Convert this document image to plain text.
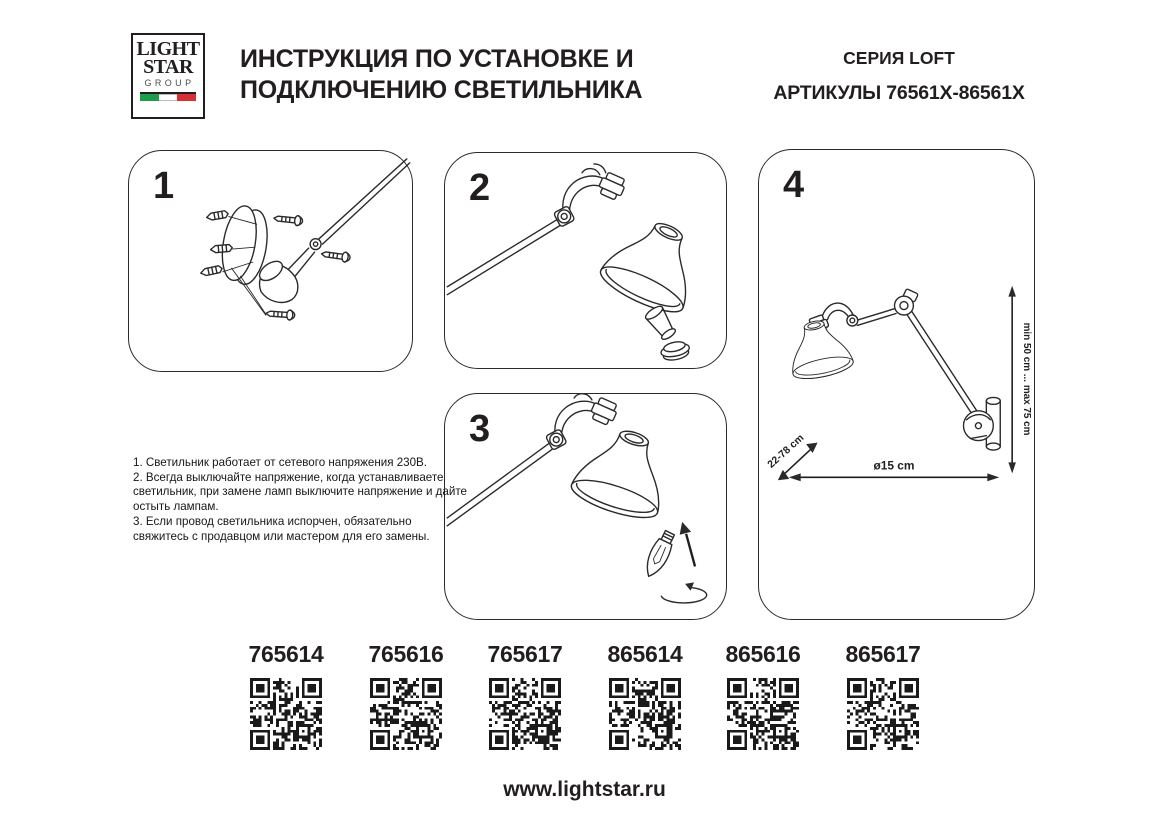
LIGHT
STAR
GROUP
ИНСТРУКЦИЯ ПО УСТАНОВКЕ И
ПОДКЛЮЧЕНИЮ СВЕТИЛЬНИКА
СЕРИЯ LOFT
АРТИКУЛЫ 76561X-86561X
1	2
3	min 50 cm ... max 75 cm
22-78 cm	ø15 cm
4

1. Светильник работает от сетевого напряжения 230В.

2. Всегда выключайте напряжение, когда устанавливаете светильник, при замене ламп выключите напряжение и дайте остыть лампам.

3. Если провод светильника испорчен, обязательно свяжитесь с продавцом или мастером для его замены.

765614	765616	765617	865614	865616	865617
www.lightstar.ru
